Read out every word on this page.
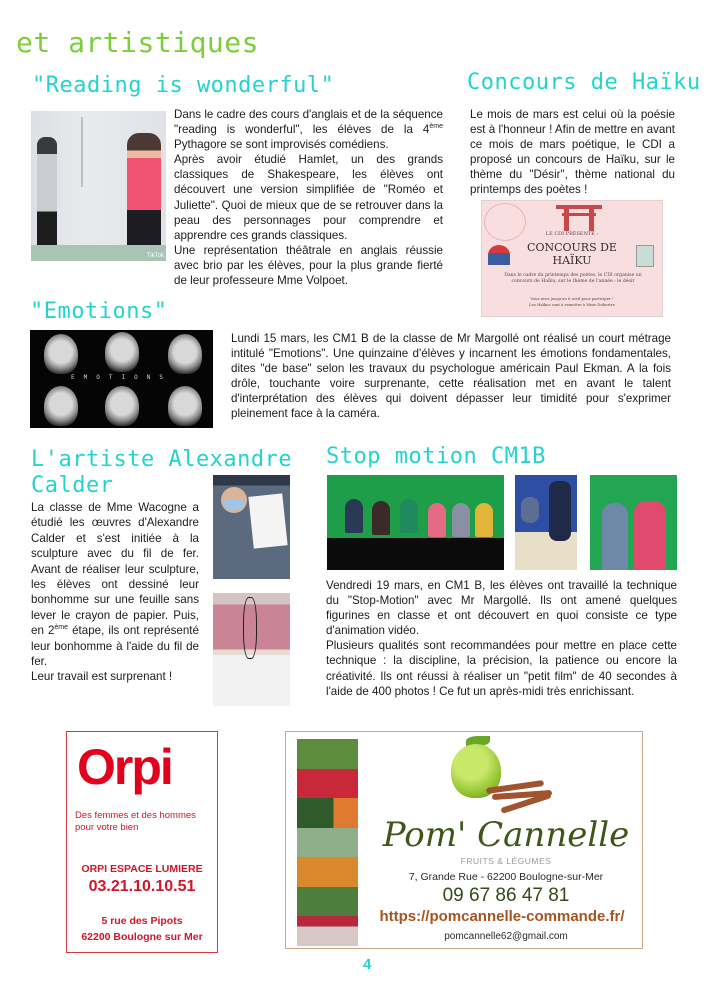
et artistiques
"Reading is wonderful"
TikTok

Dans le cadre des cours d'anglais et de la séquence "reading is wonderful", les élèves de la 4ème Pythagore se sont improvisés comédiens.

Après avoir étudié Hamlet, un des grands classiques de Shakespeare, les élèves ont découvert une version simplifiée de "Roméo et Juliette". Quoi de mieux que de se retrouver dans la peau des personnages pour comprendre et apprendre ces grands classiques.

Une représentation théâtrale en anglais réussie avec brio par les élèves, pour la plus grande fierté de leur professeure Mme Volpoet.

Concours de Haïku
Le mois de mars est celui où la poésie est à l'honneur ! Afin de mettre en avant ce mois de mars poétique, le CDI a proposé un concours de Haïku, sur le thème du "Désir", thème national du printemps des poètes !
LE CDI PRÉSENTE :
CONCOURS DE
HAÏKU
Dans le cadre du printemps des poètes, le CDI organise un concours de Haïku, sur le thème de l'année : le désir
Vous avez jusqu'au 6 avril pour participer !
Les Haïkus sont à remettre à Mme Dubertre
"Emotions"
EMOTIONS
Lundi 15 mars, les CM1 B de la classe de Mr Margollé ont réalisé un court métrage intitulé "Emotions". Une quinzaine d'élèves y incarnent les émotions fondamentales, dites "de base" selon les travaux du psychologue américain Paul Ekman. A la fois drôle, touchante voire surprenante, cette réalisation met en avant le talent d'interprétation des élèves qui doivent dépasser leur timidité pour s'exprimer pleinement face à la caméra.
L'artiste Alexandre
Calder

La classe de Mme Wacogne a étudié les œuvres d'Alexandre Calder et s'est initiée à la sculpture avec du fil de fer. Avant de réaliser leur sculpture, les élèves ont dessiné leur bonhomme sur une feuille sans lever le crayon de papier. Puis, en 2ème étape, ils ont représenté leur bonhomme à l'aide du fil de fer.

Leur travail est surprenant !

Stop motion CM1B

Vendredi 19 mars, en CM1 B, les élèves ont travaillé la technique du "Stop-Motion" avec Mr Margollé. Ils ont amené quelques figurines en classe et ont découvert en quoi consiste ce type d'animation vidéo.

Plusieurs qualités sont recommandées pour mettre en place cette technique : la discipline, la précision, la patience ou encore la créativité. Ils ont réussi à réaliser un "petit film" de 40 secondes à l'aide de 400 photos ! Ce fut un après-midi très enrichissant.

Orpi
Des femmes et des hommes pour votre bien
ORPI ESPACE LUMIERE
03.21.10.10.51
5 rue des Pipots
62200 Boulogne sur Mer
Pom' Cannelle
FRUITS & LÉGUMES
7, Grande Rue - 62200 Boulogne-sur-Mer
09 67 86 47 81
https://pomcannelle-commande.fr/
pomcannelle62@gmail.com
4
